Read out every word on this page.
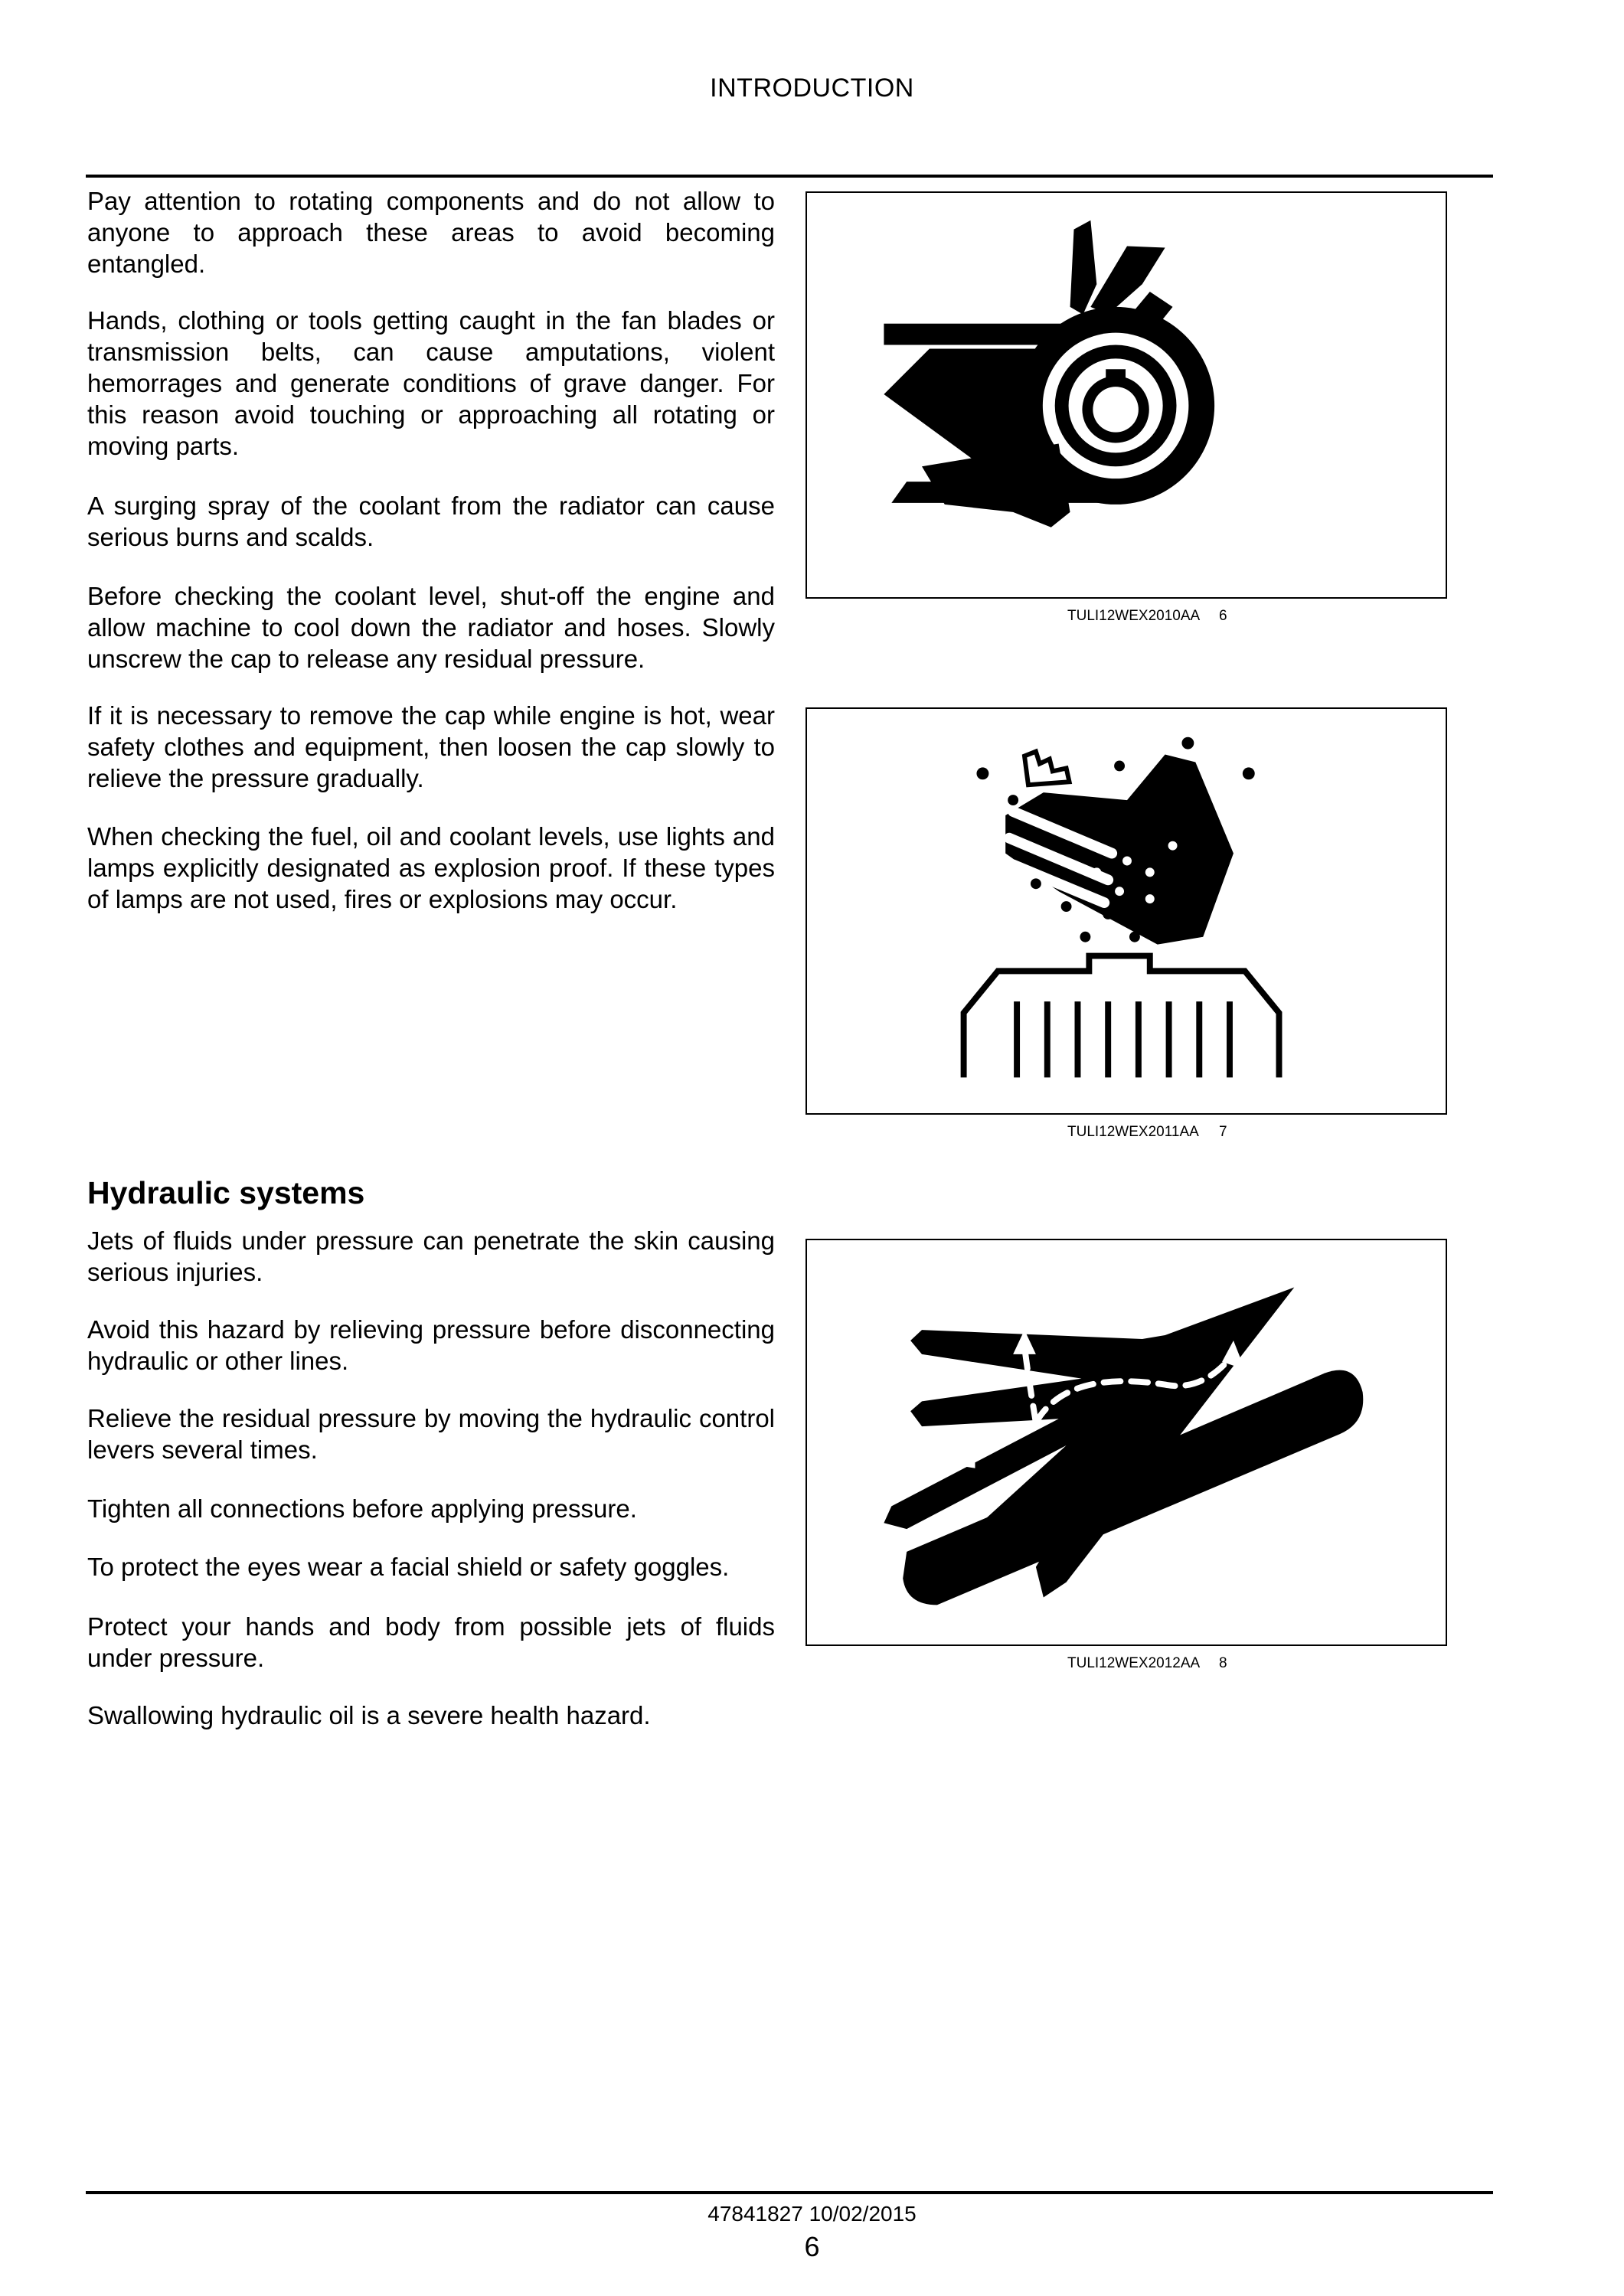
INTRODUCTION

Pay attention to rotating components and do not allow to anyone to approach these areas to avoid becoming entangled.

Hands, clothing or tools getting caught in the fan blades or transmission belts, can cause amputations, violent hemorrages and generate conditions of grave danger. For this reason avoid touching or approaching all rotating or moving parts.

A surging spray of the coolant from the radiator can cause serious burns and scalds.

Before checking the coolant level, shut-off the engine and allow machine to cool down the radiator and hoses. Slowly unscrew the cap to release any residual pressure.

If it is necessary to remove the cap while engine is hot, wear safety clothes and equipment, then loosen the cap slowly to relieve the pressure gradually.

When checking the fuel, oil and coolant levels, use lights and lamps explicitly designated as explosion proof. If these types of lamps are not used, fires or explosions may occur.

Hydraulic systems

Jets of fluids under pressure can penetrate the skin causing serious injuries.

Avoid this hazard by relieving pressure before disconnecting hydraulic or other lines.

Relieve the residual pressure by moving the hydraulic control levers several times.

Tighten all connections before applying pressure.

To protect the eyes wear a facial shield or safety goggles.

Protect your hands and body from possible jets of fluids under pressure.

Swallowing hydraulic oil is a severe health hazard.

TULI12WEX2010AA 6
TULI12WEX2011AA 7
TULI12WEX2012AA 8
47841827 10/02/2015
6
